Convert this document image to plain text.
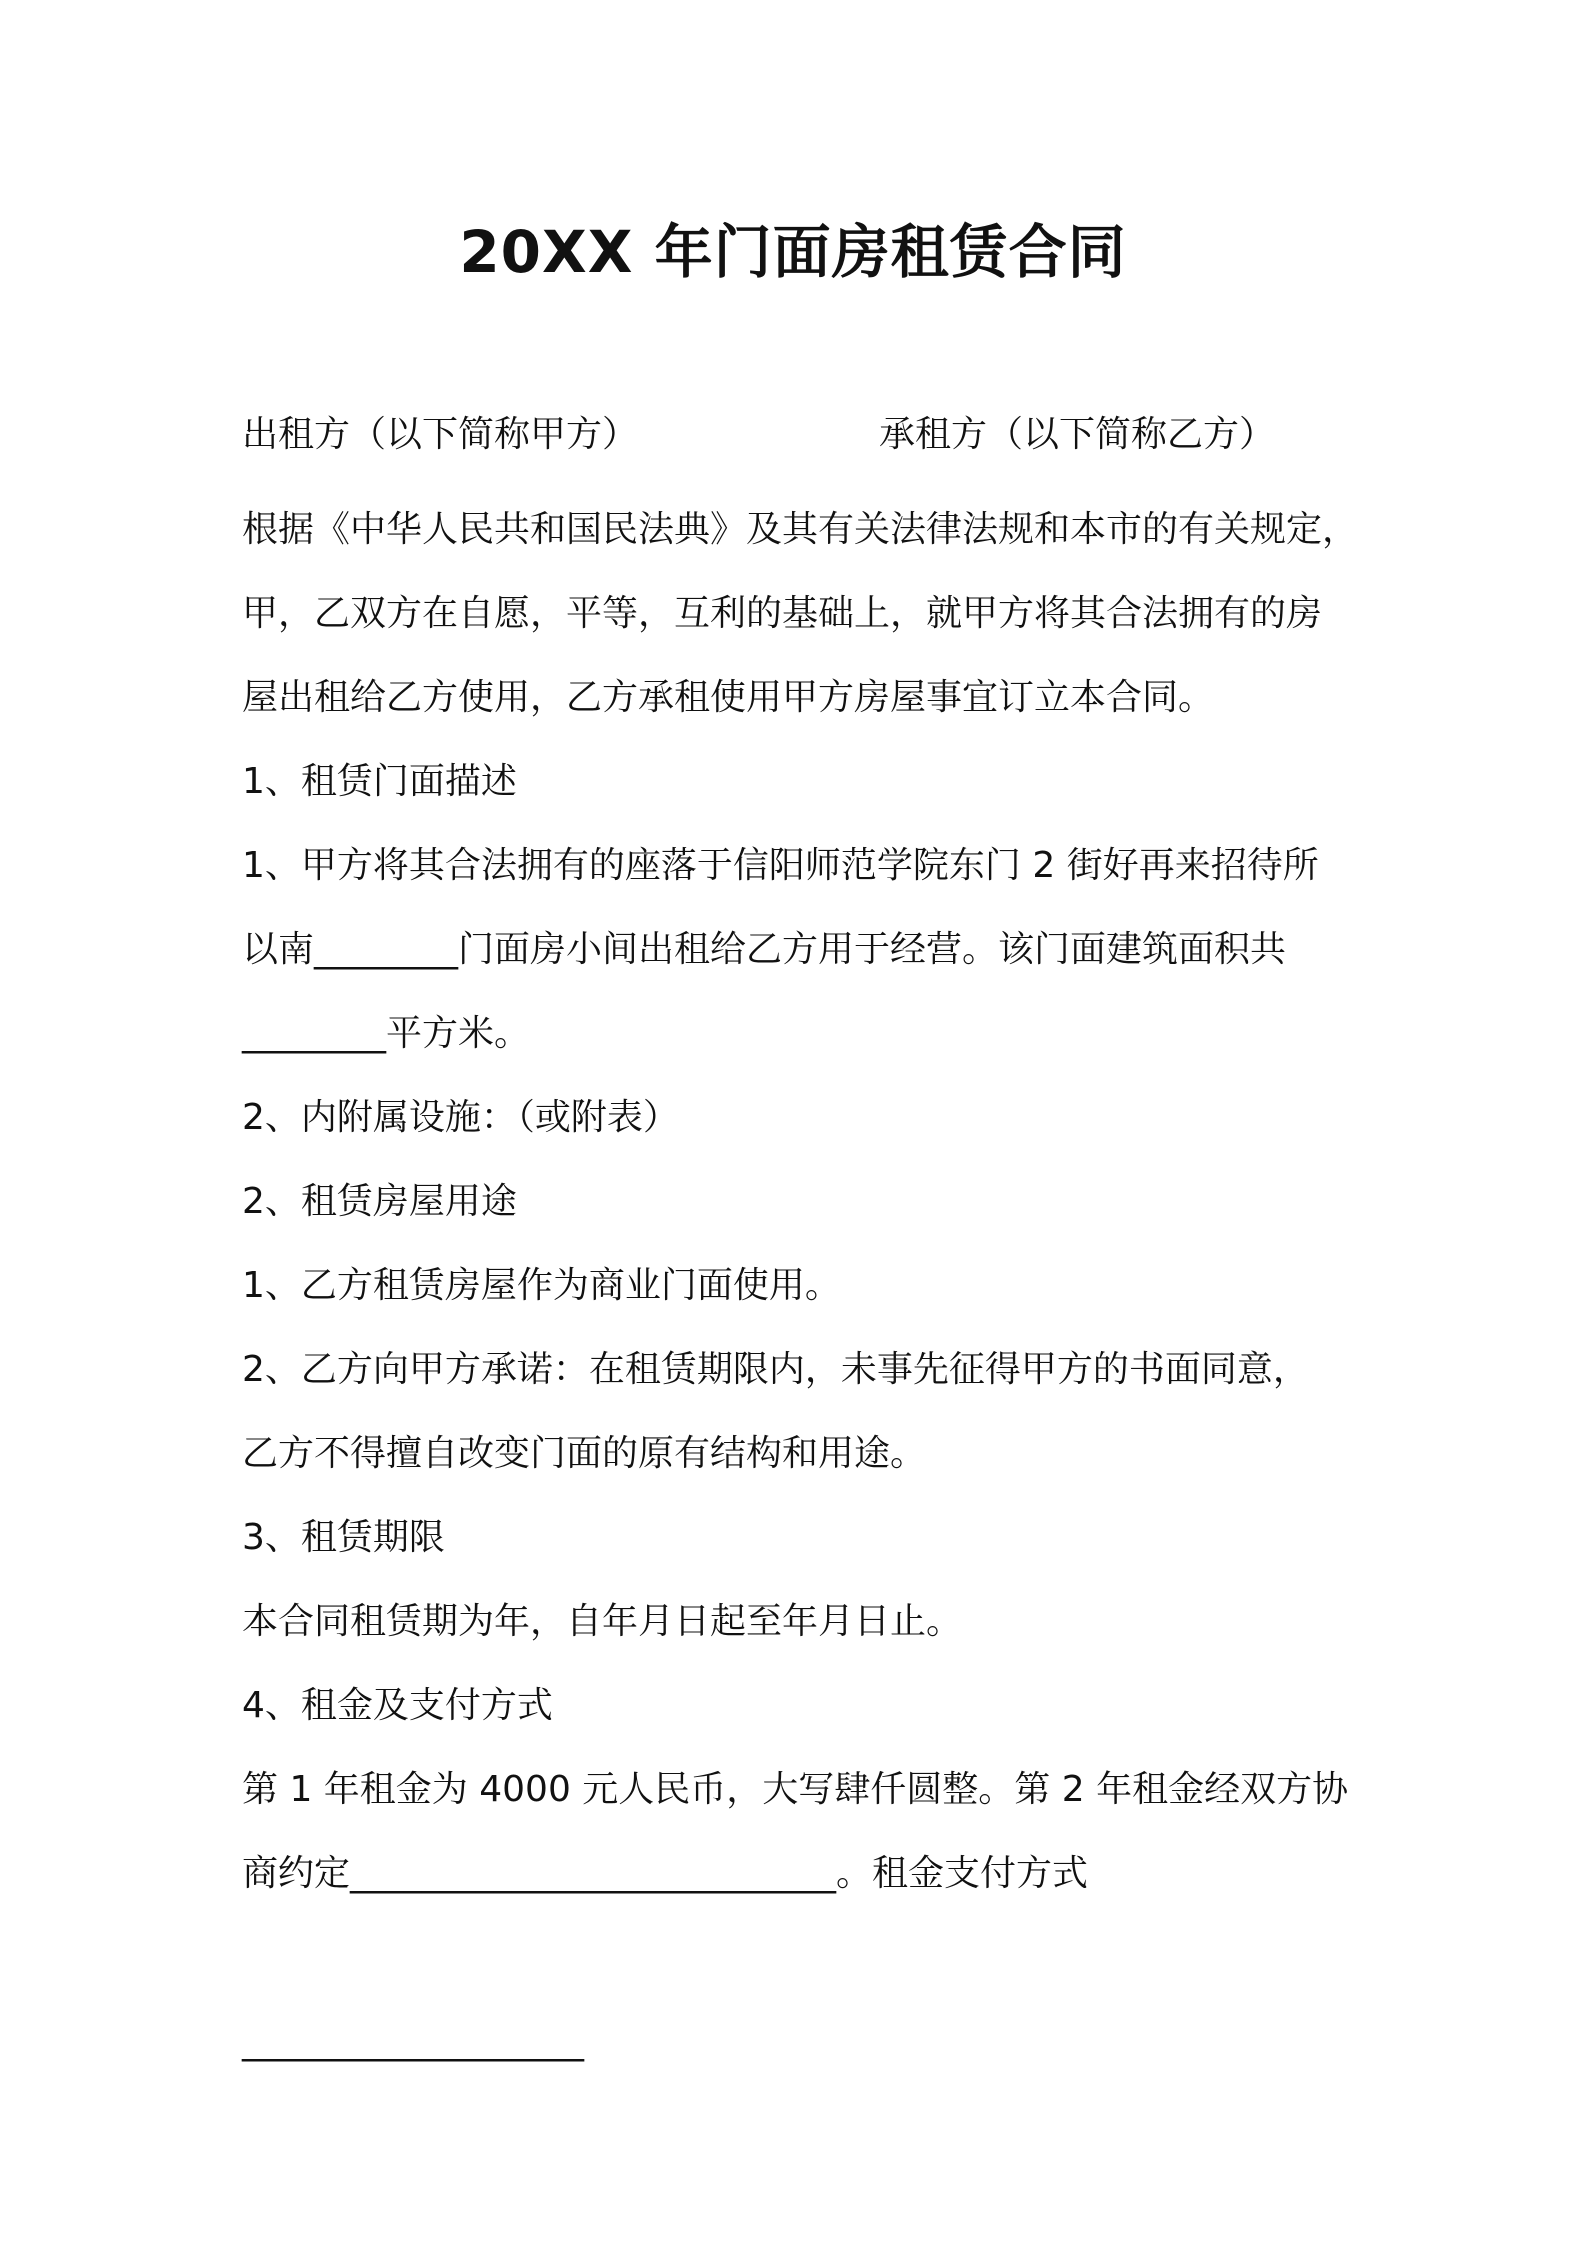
20XX 年门面房租赁合同
出租方（以下简称甲方）	承租方（以下简称乙方）
根据《中华人民共和国民法典》及其有关法律法规和本市的有关规定，
甲，乙双方在自愿，平等，互利的基础上，就甲方将其合法拥有的房
屋出租给乙方使用，乙方承租使用甲方房屋事宜订立本合同。
1、租赁门面描述
1、甲方将其合法拥有的座落于信阳师范学院东门 2 街好再来招待所
以南________门面房小间出租给乙方用于经营。该门面建筑面积共
________平方米。
2、内附属设施：（或附表）
2、租赁房屋用途
1、乙方租赁房屋作为商业门面使用。
2、乙方向甲方承诺：在租赁期限内，未事先征得甲方的书面同意，
乙方不得擅自改变门面的原有结构和用途。
3、租赁期限
本合同租赁期为年，自年月日起至年月日止。
4、租金及支付方式
第 1 年租金为 4000 元人民币，大写肆仟圆整。第 2 年租金经双方协
商约定___________________________。租金支付方式
___________________
